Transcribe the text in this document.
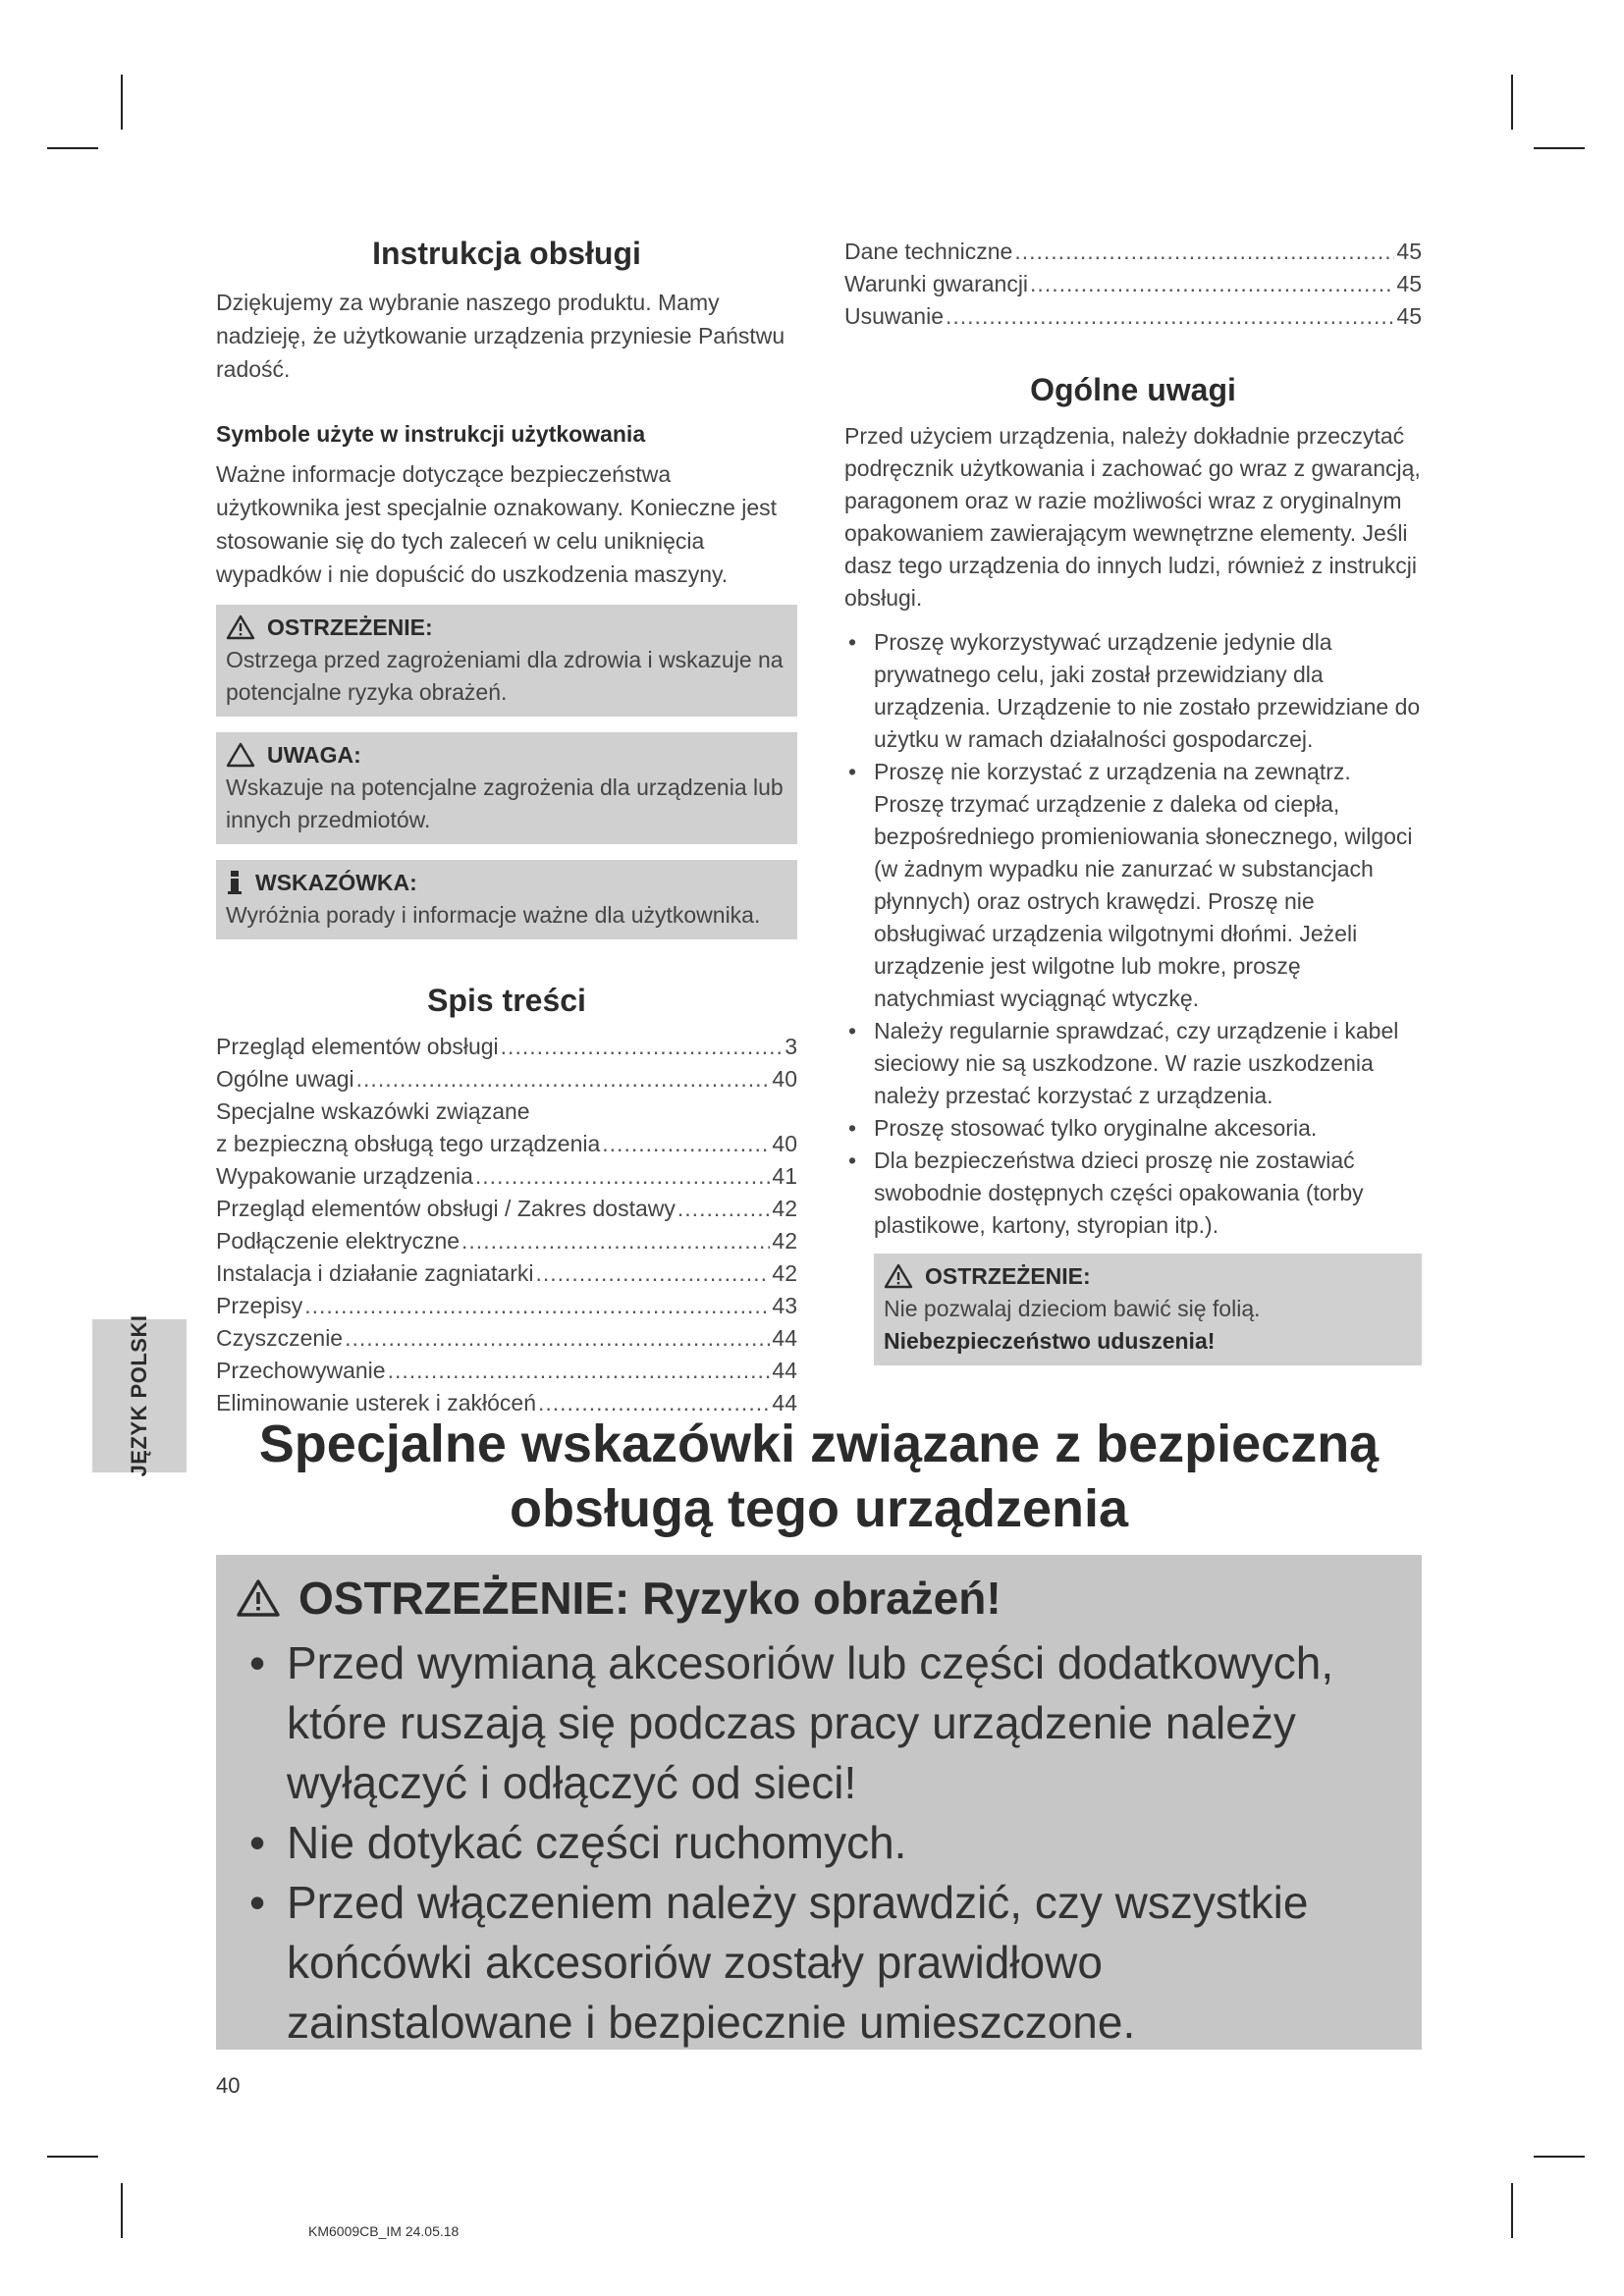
Instrukcja obsługi

Dziękujemy za wybranie naszego produktu. Mamy nadzieję, że użytkowanie urządzenia przyniesie Państwu radość.

Symbole użyte w instrukcji użytkowania

Ważne informacje dotyczące bezpieczeństwa użytkownika jest specjalnie oznakowany. Konieczne jest stosowanie się do tych zaleceń w celu uniknięcia wypadków i nie dopuścić do uszkodzenia maszyny.

OSTRZEŻENIE:
Ostrzega przed zagrożeniami dla zdrowia i wskazuje na potencjalne ryzyka obrażeń.
UWAGA:
Wskazuje na potencjalne zagrożenia dla urządzenia lub innych przedmiotów.
WSKAZÓWKA:
Wyróżnia porady i informacje ważne dla użytkownika.
Spis treści
Przegląd elementów obsługi .....	3
Ogólne uwagi .....	40
Specjalne wskazówki związane
z bezpieczną obsługą tego urządzenia .....	40
Wypakowanie urządzenia .....	41
Przegląd elementów obsługi / Zakres dostawy .....	42
Podłączenie elektryczne .....	42
Instalacja i działanie zagniatarki .....	42
Przepisy .....	43
Czyszczenie .....	44
Przechowywanie .....	44
Eliminowanie usterek i zakłóceń .....	44
Dane techniczne .....	45
Warunki gwarancji .....	45
Usuwanie .....	45
Ogólne uwagi

Przed użyciem urządzenia, należy dokładnie przeczytać podręcznik użytkowania i zachować go wraz z gwarancją, paragonem oraz w razie możliwości wraz z oryginalnym opakowaniem zawierającym wewnętrzne elementy. Jeśli dasz tego urządzenia do innych ludzi, również z instrukcji obsługi.

• Proszę wykorzystywać urządzenie jedynie dla prywatnego celu, jaki został przewidziany dla urządzenia. Urządzenie to nie zostało przewidziane do użytku w ramach działalności gospodarczej.
• Proszę nie korzystać z urządzenia na zewnątrz. Proszę trzymać urządzenie z daleka od ciepła, bezpośredniego promieniowania słonecznego, wilgoci (w żadnym wypadku nie zanurzać w substancjach płynnych) oraz ostrych krawędzi. Proszę nie obsługiwać urządzenia wilgotnymi dłońmi. Jeżeli urządzenie jest wilgotne lub mokre, proszę natychmiast wyciągnąć wtyczkę.
• Należy regularnie sprawdzać, czy urządzenie i kabel sieciowy nie są uszkodzone. W razie uszkodzenia należy przestać korzystać z urządzenia.
• Proszę stosować tylko oryginalne akcesoria.
• Dla bezpieczeństwa dzieci proszę nie zostawiać swobodnie dostępnych części opakowania (torby plastikowe, kartony, styropian itp.).
OSTRZEŻENIE:
Nie pozwalaj dzieciom bawić się folią. Niebezpieczeństwo uduszenia!
JĘZYK POLSKI	Specjalne wskazówki związane z bezpieczną obsługą tego urządzenia
OSTRZEŻENIE: Ryzyko obrażeń!
• Przed wymianą akcesoriów lub części dodatkowych, które ruszają się podczas pracy urządzenie należy wyłączyć i odłączyć od sieci!
• Nie dotykać części ruchomych.
• Przed włączeniem należy sprawdzić, czy wszystkie końcówki akcesoriów zostały prawidłowo zainstalowane i bezpiecznie umieszczone.
40
KM6009CB_IM 24.05.18
